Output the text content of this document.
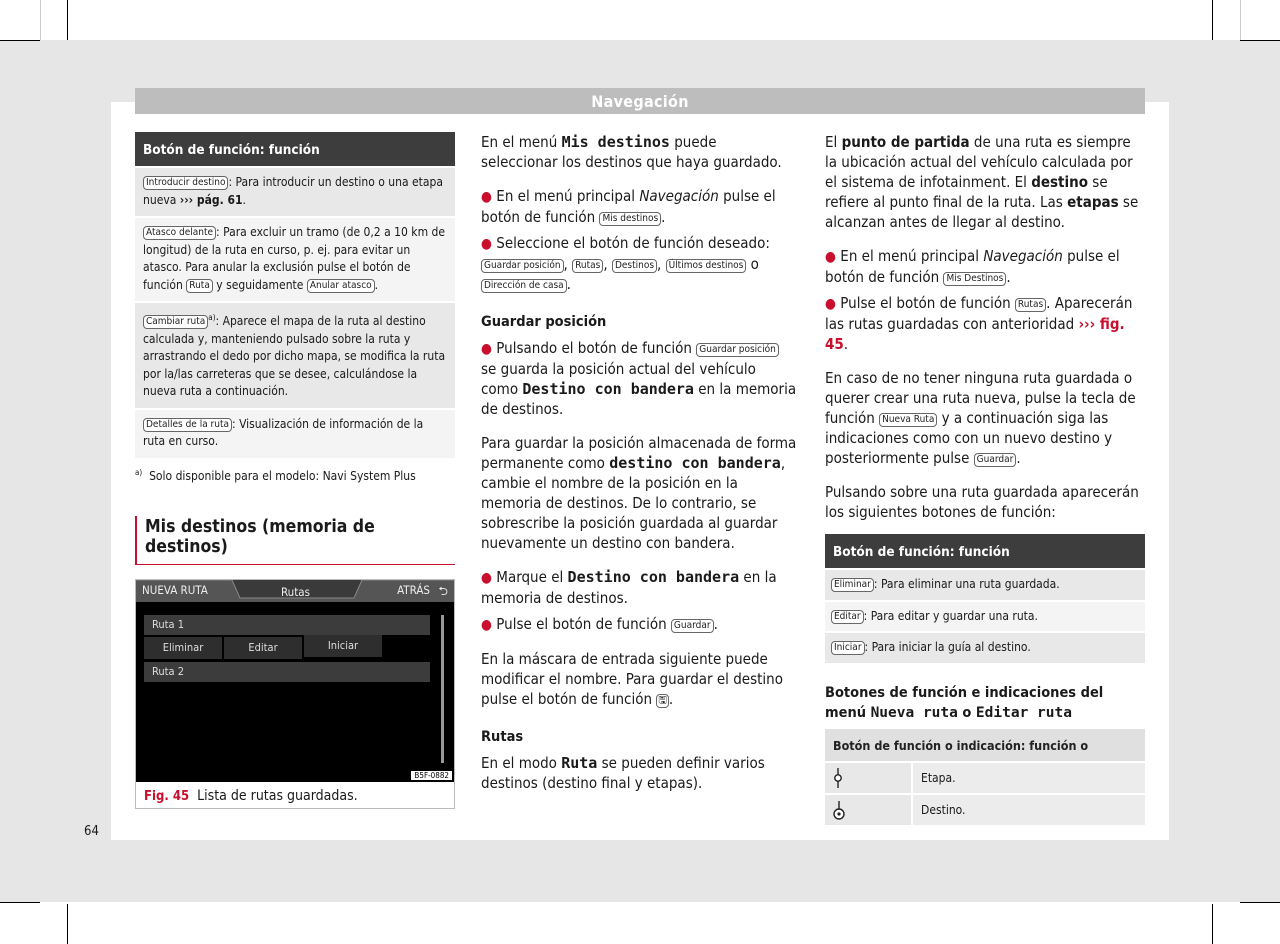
Navegación
64
Botón de función: función
Introducir destino : Para introducir un destino o una etapa nueva ››› pág. 61.
Atasco delante : Para excluir un tramo (de 0,2 a 10 km de longitud) de la ruta en curso, p. ej. para evitar un atasco. Para anular la exclusión pulse el botón de función Ruta y seguidamente Anular atasco .
Cambiar ruta $^{a)}$: Aparece el mapa de la ruta al destino calculada y, manteniendo pulsado sobre la ruta y arrastrando el dedo por dicho mapa, se modifica la ruta por la/las carreteras que se desee, calculándose la nueva ruta a continuación.
Detalles de la ruta : Visualización de información de la ruta en curso.
$^{a)}$ Solo disponible para el modelo: Navi System Plus
Mis destinos (memoria de destinos)
NUEVA RUTA	Rutas	ATRÁS ⮌
Ruta 1
Eliminar	Editar	Iniciar
Ruta 2
B5F-0882
Fig. 45 Lista de rutas guardadas.

En el menú Mis destinos puede seleccionar los destinos que haya guardado.

● En el menú principal Navegación pulse el botón de función Mis destinos .

● Seleccione el botón de función deseado: Guardar posición , Rutas , Destinos , Últimos destinos o Dirección de casa .

Guardar posición

● Pulsando el botón de función Guardar posición se guarda la posición actual del vehículo como Destino con bandera en la memoria de destinos.

Para guardar la posición almacenada de forma permanente como destino con bandera, cambie el nombre de la posición en la memoria de destinos. De lo contrario, se sobrescribe la posición guardada al guardar nuevamente un destino con bandera.

● Marque el Destino con bandera en la memoria de destinos.

● Pulse el botón de función Guardar .

En la máscara de entrada siguiente puede modificar el nombre. Para guardar el destino pulse el botón de función 🖫 .

Rutas

En el modo Ruta se pueden definir varios destinos (destino final y etapas).

El punto de partida de una ruta es siempre la ubicación actual del vehículo calculada por el sistema de infotainment. El destino se refiere al punto final de la ruta. Las etapas se alcanzan antes de llegar al destino.

● En el menú principal Navegación pulse el botón de función Mis Destinos .

● Pulse el botón de función Rutas . Aparecerán las rutas guardadas con anterioridad ››› fig. 45.

En caso de no tener ninguna ruta guardada o querer crear una ruta nueva, pulse la tecla de función Nueva Ruta y a continuación siga las indicaciones como con un nuevo destino y posteriormente pulse Guardar .

Pulsando sobre una ruta guardada aparecerán los siguientes botones de función:

Botón de función: función
Eliminar : Para eliminar una ruta guardada.
Editar : Para editar y guardar una ruta.
Iniciar : Para iniciar la guía al destino.
Botones de función e indicaciones del menú Nueva ruta o Editar ruta
Botón de función o indicación: función o
Etapa.
Destino.
